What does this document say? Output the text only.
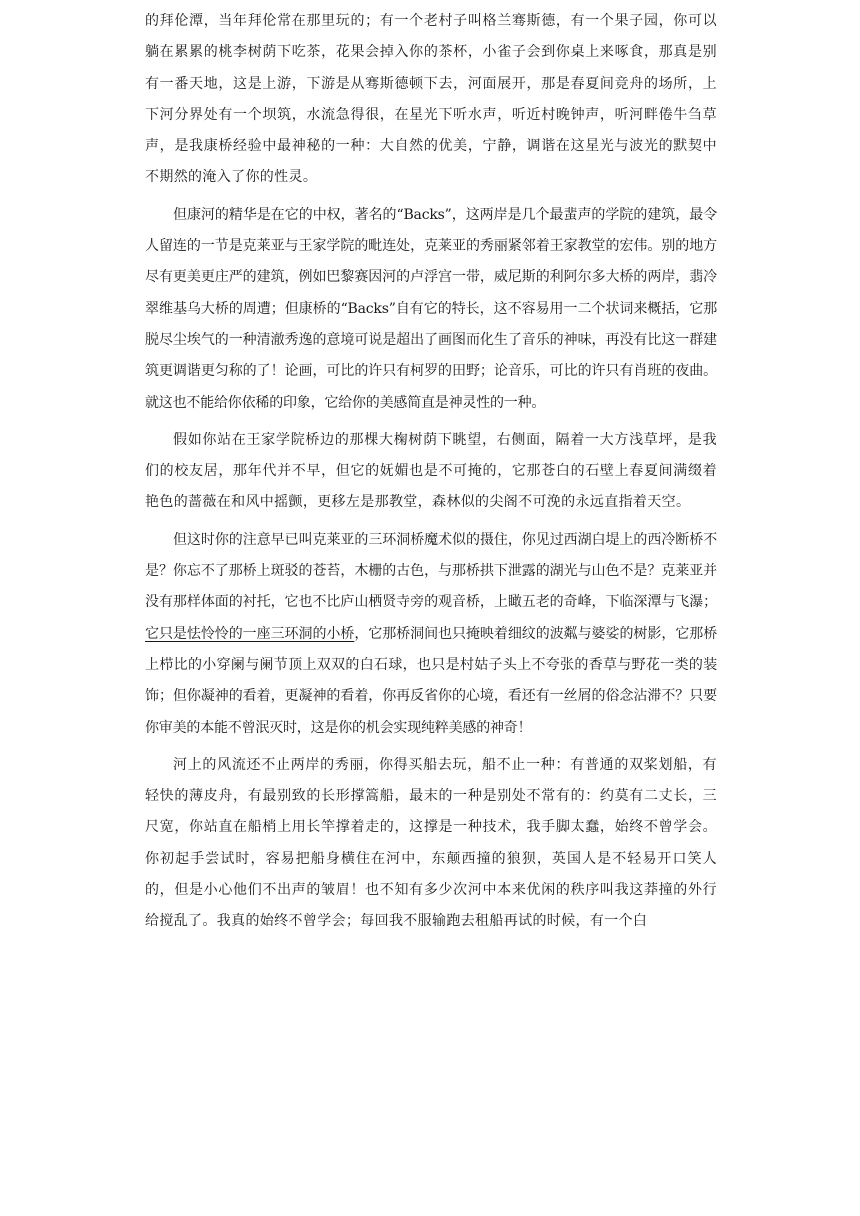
的拜伦潭，当年拜伦常在那里玩的；有一个老村子叫格兰骞斯德，有一个果子园，你可以躺在累累的桃李树荫下吃茶，花果会掉入你的茶杯，小雀子会到你桌上来啄食，那真是别有一番天地，这是上游，下游是从骞斯德顿下去，河面展开，那是春夏间竞舟的场所，上下河分界处有一个坝筑，水流急得很，在星光下听水声，听近村晚钟声，听河畔倦牛刍草声，是我康桥经验中最神秘的一种：大自然的优美，宁静，调谐在这星光与波光的默契中不期然的淹入了你的性灵。

但康河的精华是在它的中权，著名的“Backs”，这两岸是几个最蜚声的学院的建筑，最令人留连的一节是克莱亚与王家学院的毗连处，克莱亚的秀丽紧邻着王家教堂的宏伟。别的地方尽有更美更庄严的建筑，例如巴黎赛因河的卢浮宫一带，威尼斯的利阿尔多大桥的两岸，翡冷翠维基乌大桥的周遭；但康桥的“Backs”自有它的特长，这不容易用一二个状词来概括，它那脱尽尘埃气的一种清澈秀逸的意境可说是超出了画图而化生了音乐的神味，再没有比这一群建筑更调谐更匀称的了！论画，可比的许只有柯罗的田野；论音乐，可比的许只有肖班的夜曲。就这也不能给你依稀的印象，它给你的美感简直是神灵性的一种。

假如你站在王家学院桥边的那棵大椈树荫下眺望，右侧面，隔着一大方浅草坪，是我们的校友居，那年代并不早，但它的妩媚也是不可掩的，它那苍白的石壁上春夏间满缀着艳色的蔷薇在和风中摇颤，更移左是那教堂，森林似的尖阁不可浼的永远直指着天空。

但这时你的注意早已叫克莱亚的三环洞桥魔术似的摄住，你见过西湖白堤上的西冷断桥不是？你忘不了那桥上斑驳的苍苔，木栅的古色，与那桥拱下泄露的湖光与山色不是？克莱亚并没有那样体面的衬托，它也不比庐山栖贤寺旁的观音桥，上瞰五老的奇峰，下临深潭与飞瀑；它只是怯怜怜的一座三环洞的小桥，它那桥洞间也只掩映着细纹的波粼与婆娑的树影，它那桥上栉比的小穿阑与阑节顶上双双的白石球，也只是村姑子头上不夸张的香草与野花一类的装饰；但你凝神的看着，更凝神的看着，你再反省你的心境，看还有一丝屑的俗念沾滞不？只要你审美的本能不曾泯灭时，这是你的机会实现纯粹美感的神奇！

河上的风流还不止两岸的秀丽，你得买船去玩，船不止一种：有普通的双桨划船，有轻快的薄皮舟，有最别致的长形撑篙船，最末的一种是别处不常有的：约莫有二丈长，三尺宽，你站直在船梢上用长竿撑着走的，这撑是一种技术，我手脚太蠢，始终不曾学会。你初起手尝试时，容易把船身横住在河中，东颠西撞的狼狈，英国人是不轻易开口笑人的，但是小心他们不出声的皱眉！也不知有多少次河中本来优闲的秩序叫我这莽撞的外行给搅乱了。我真的始终不曾学会；每回我不服输跑去租船再试的时候，有一个白
